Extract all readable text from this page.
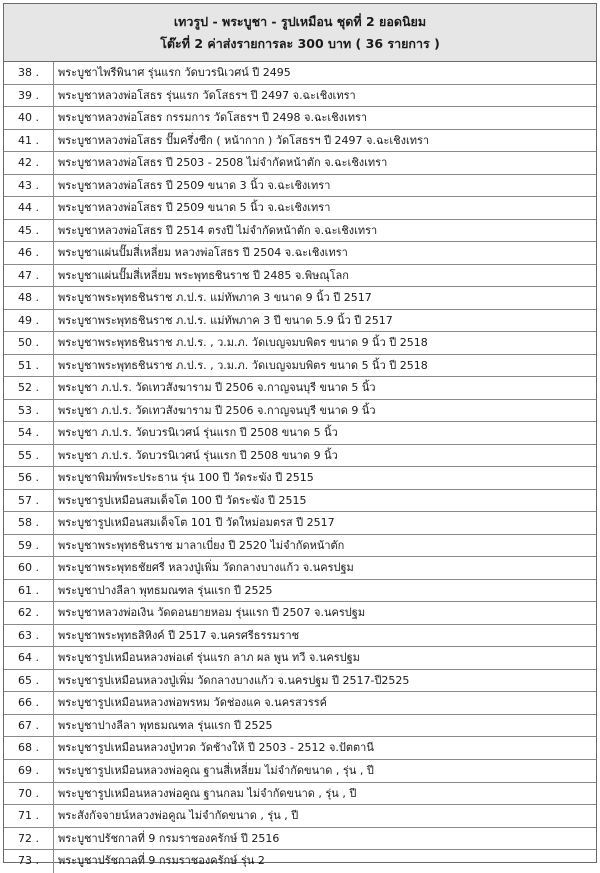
เทวรูป - พระบูชา - รูปเหมือน ชุดที่ 2 ยอดนิยม
โต๊ะที่ 2 ค่าส่งรายการละ 300 บาท ( 36 รายการ )
38 .	พระบูชาไพรีพินาศ รุ่นแรก วัดบวรนิเวศน์ ปี 2495
39 .	พระบูชาหลวงพ่อโสธร รุ่นแรก วัดโสธรฯ ปี 2497 จ.ฉะเชิงเทรา
40 .	พระบูชาหลวงพ่อโสธร กรรมการ วัดโสธรฯ ปี 2498 จ.ฉะเชิงเทรา
41 .	พระบูชาหลวงพ่อโสธร ปั๊มครึ่งซีก ( หน้ากาก ) วัดโสธรฯ ปี 2497 จ.ฉะเชิงเทรา
42 .	พระบูชาหลวงพ่อโสธร ปี 2503 - 2508 ไม่จำกัดหน้าตัก จ.ฉะเชิงเทรา
43 .	พระบูชาหลวงพ่อโสธร ปี 2509 ขนาด 3 นิ้ว จ.ฉะเชิงเทรา
44 .	พระบูชาหลวงพ่อโสธร ปี 2509 ขนาด 5 นิ้ว จ.ฉะเชิงเทรา
45 .	พระบูชาหลวงพ่อโสธร ปี 2514 ตรงปี ไม่จำกัดหน้าตัก จ.ฉะเชิงเทรา
46 .	พระบูชาแผ่นปั๊มสี่เหลี่ยม หลวงพ่อโสธร ปี 2504 จ.ฉะเชิงเทรา
47 .	พระบูชาแผ่นปั๊มสี่เหลี่ยม พระพุทธชินราช ปี 2485 จ.พิษณุโลก
48 .	พระบูชาพระพุทธชินราช ภ.ป.ร. แม่ทัพภาค 3 ขนาด 9 นิ้ว ปี 2517
49 .	พระบูชาพระพุทธชินราช ภ.ป.ร. แม่ทัพภาค 3 ปี ขนาด 5.9 นิ้ว ปี 2517
50 .	พระบูชาพระพุทธชินราช ภ.ป.ร. , ว.ม.ภ. วัดเบญจมบพิตร ขนาด 9 นิ้ว ปี 2518
51 .	พระบูชาพระพุทธชินราช ภ.ป.ร. , ว.ม.ภ. วัดเบญจมบพิตร ขนาด 5 นิ้ว ปี 2518
52 .	พระบูชา ภ.ป.ร. วัดเทวสังฆาราม ปี 2506 จ.กาญจนบุรี ขนาด 5 นิ้ว
53 .	พระบูชา ภ.ป.ร. วัดเทวสังฆาราม ปี 2506 จ.กาญจนบุรี ขนาด 9 นิ้ว
54 .	พระบูชา ภ.ป.ร. วัดบวรนิเวศน์ รุ่นแรก ปี 2508 ขนาด 5 นิ้ว
55 .	พระบูชา ภ.ป.ร. วัดบวรนิเวศน์ รุ่นแรก ปี 2508 ขนาด 9 นิ้ว
56 .	พระบูชาพิมพ์พระประธาน รุ่น 100 ปี วัดระฆัง ปี 2515
57 .	พระบูชารูปเหมือนสมเด็จโต 100 ปี วัดระฆัง ปี 2515
58 .	พระบูชารูปเหมือนสมเด็จโต 101 ปี วัดใหม่อมตรส ปี 2517
59 .	พระบูชาพระพุทธชินราช มาลาเบี่ยง ปี 2520 ไม่จำกัดหน้าตัก
60 .	พระบูชาพระพุทธชัยศรี หลวงปู่เพิ่ม วัดกลางบางแก้ว จ.นครปฐม
61 .	พระบูชาปางลีลา พุทธมณฑล รุ่นแรก ปี 2525
62 .	พระบูชาหลวงพ่อเงิน วัดดอนยายหอม รุ่นแรก ปี 2507 จ.นครปฐม
63 .	พระบูชาพระพุทธสิหิงค์ ปี 2517 จ.นครศรีธรรมราช
64 .	พระบูชารูปเหมือนหลวงพ่อเต๋ รุ่นแรก ลาภ ผล พูน ทวี จ.นครปฐม
65 .	พระบูชารูปเหมือนหลวงปู่เพิ่ม วัดกลางบางแก้ว จ.นครปฐม ปี 2517-ปี2525
66 .	พระบูชารูปเหมือนหลวงพ่อพรหม วัดช่องแค จ.นครสวรรค์
67 .	พระบูชาปางลีลา พุทธมณฑล รุ่นแรก ปี 2525
68 .	พระบูชารูปเหมือนหลวงปู่ทวด วัดช้างให้ ปี 2503 - 2512 จ.ปัตตานี
69 .	พระบูชารูปเหมือนหลวงพ่อคูณ ฐานสี่เหลี่ยม ไม่จำกัดขนาด , รุ่น , ปี
70 .	พระบูชารูปเหมือนหลวงพ่อคูณ ฐานกลม ไม่จำกัดขนาด , รุ่น , ปี
71 .	พระสังกัจจายน์หลวงพ่อคูณ ไม่จำกัดขนาด , รุ่น , ปี
72 .	พระบูชาปรัชกาลที่ 9 กรมราชองครักษ์ ปี 2516
73 .	พระบูชาปรัชกาลที่ 9 กรมราชองครักษ์ รุ่น 2
